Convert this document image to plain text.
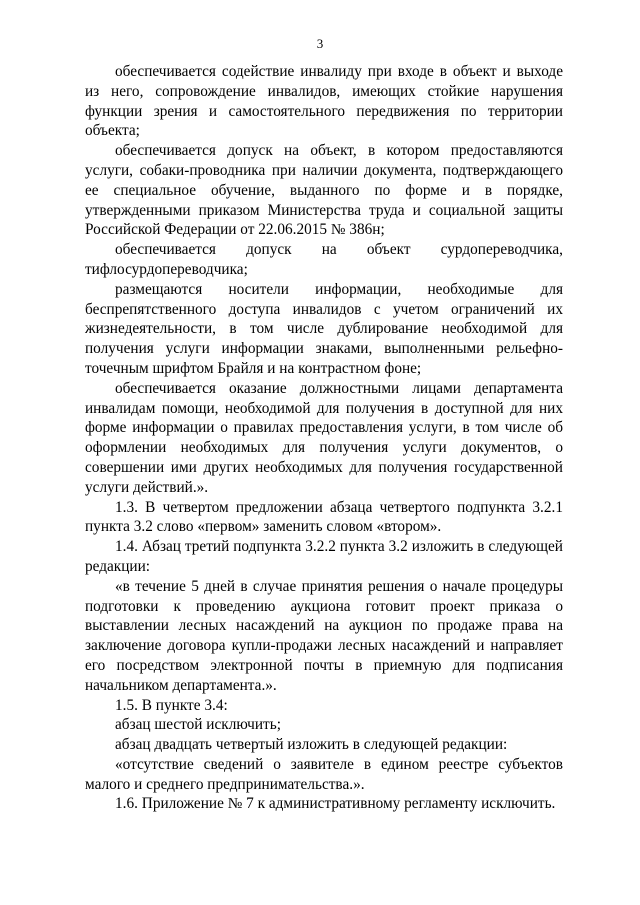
3

обеспечивается содействие инвалиду при входе в объект и выходе из него, сопровождение инвалидов, имеющих стойкие нарушения функции зрения и самостоятельного передвижения по территории объекта;

обеспечивается допуск на объект, в котором предоставляются услуги, собаки-проводника при наличии документа, подтверждающего ее специальное обучение, выданного по форме и в порядке, утвержденными приказом Министерства труда и социальной защиты Российской Федерации от 22.06.2015 № 386н;

обеспечивается допуск на объект сурдопереводчика, тифлосурдопереводчика;

размещаются носители информации, необходимые для беспрепятственного доступа инвалидов с учетом ограничений их жизнедеятельности, в том числе дублирование необходимой для получения услуги информации знаками, выполненными рельефно-точечным шрифтом Брайля и на контрастном фоне;

обеспечивается оказание должностными лицами департамента инвалидам помощи, необходимой для получения в доступной для них форме информации о правилах предоставления услуги, в том числе об оформлении необходимых для получения услуги документов, о совершении ими других необходимых для получения государственной услуги действий.».

1.3. В четвертом предложении абзаца четвертого подпункта 3.2.1 пункта 3.2 слово «первом» заменить словом «втором».

1.4. Абзац третий подпункта 3.2.2 пункта 3.2 изложить в следующей редакции:

«в течение 5 дней в случае принятия решения о начале процедуры подготовки к проведению аукциона готовит проект приказа о выставлении лесных насаждений на аукцион по продаже права на заключение договора купли-продажи лесных насаждений и направляет его посредством электронной почты в приемную для подписания начальником департамента.».

1.5. В пункте 3.4:

абзац шестой исключить;

абзац двадцать четвертый изложить в следующей редакции:

«отсутствие сведений о заявителе в едином реестре субъектов малого и среднего предпринимательства.».

1.6. Приложение № 7 к административному регламенту исключить.
